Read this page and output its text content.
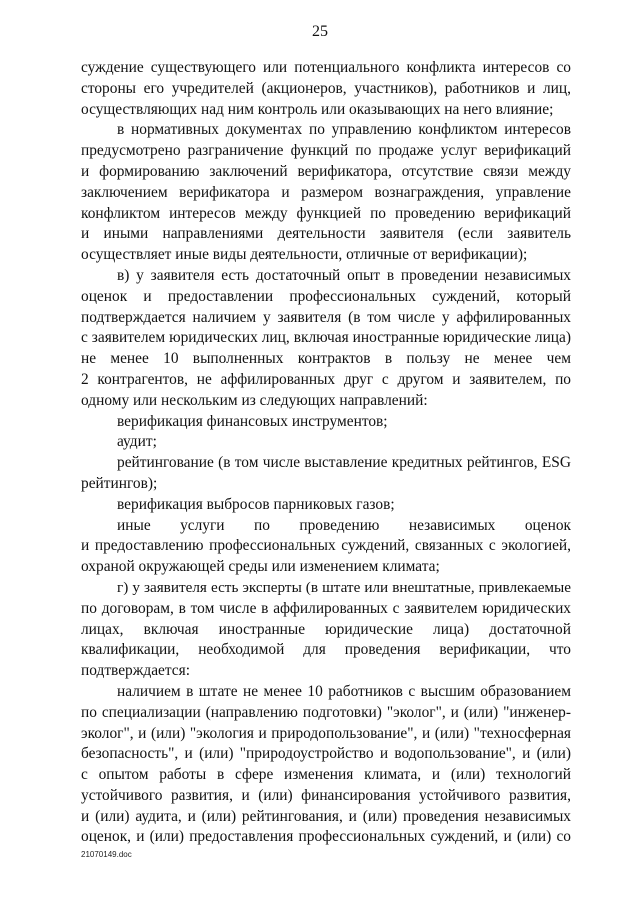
25
суждение существующего или потенциального конфликта интересов со
стороны его учредителей (акционеров, участников), работников и лиц,
осуществляющих над ним контроль или оказывающих на него влияние;
в нормативных документах по управлению конфликтом интересов
предусмотрено разграничение функций по продаже услуг верификаций
и формированию заключений верификатора, отсутствие связи между
заключением верификатора и размером вознаграждения, управление
конфликтом интересов между функцией по проведению верификаций
и иными направлениями деятельности заявителя (если заявитель
осуществляет иные виды деятельности, отличные от верификации);
в) у заявителя есть достаточный опыт в проведении независимых
оценок и предоставлении профессиональных суждений, который
подтверждается наличием у заявителя (в том числе у аффилированных
с заявителем юридических лиц, включая иностранные юридические лица)
не менее 10 выполненных контрактов в пользу не менее чем
2 контрагентов, не аффилированных друг с другом и заявителем, по
одному или нескольким из следующих направлений:
верификация финансовых инструментов;
аудит;
рейтингование (в том числе выставление кредитных рейтингов, ESG
рейтингов);
верификация выбросов парниковых газов;
иные услуги по проведению независимых оценок
и предоставлению профессиональных суждений, связанных с экологией,
охраной окружающей среды или изменением климата;
г) у заявителя есть эксперты (в штате или внештатные, привлекаемые
по договорам, в том числе в аффилированных с заявителем юридических
лицах, включая иностранные юридические лица) достаточной
квалификации, необходимой для проведения верификации, что
подтверждается:
наличием в штате не менее 10 работников с высшим образованием
по специализации (направлению подготовки) "эколог", и (или) "инженер-
эколог", и (или) "экология и природопользование", и (или) "техносферная
безопасность", и (или) "природоустройство и водопользование", и (или)
с опытом работы в сфере изменения климата, и (или) технологий
устойчивого развития, и (или) финансирования устойчивого развития,
и (или) аудита, и (или) рейтингования, и (или) проведения независимых
оценок, и (или) предоставления профессиональных суждений, и (или) со
21070149.doc
